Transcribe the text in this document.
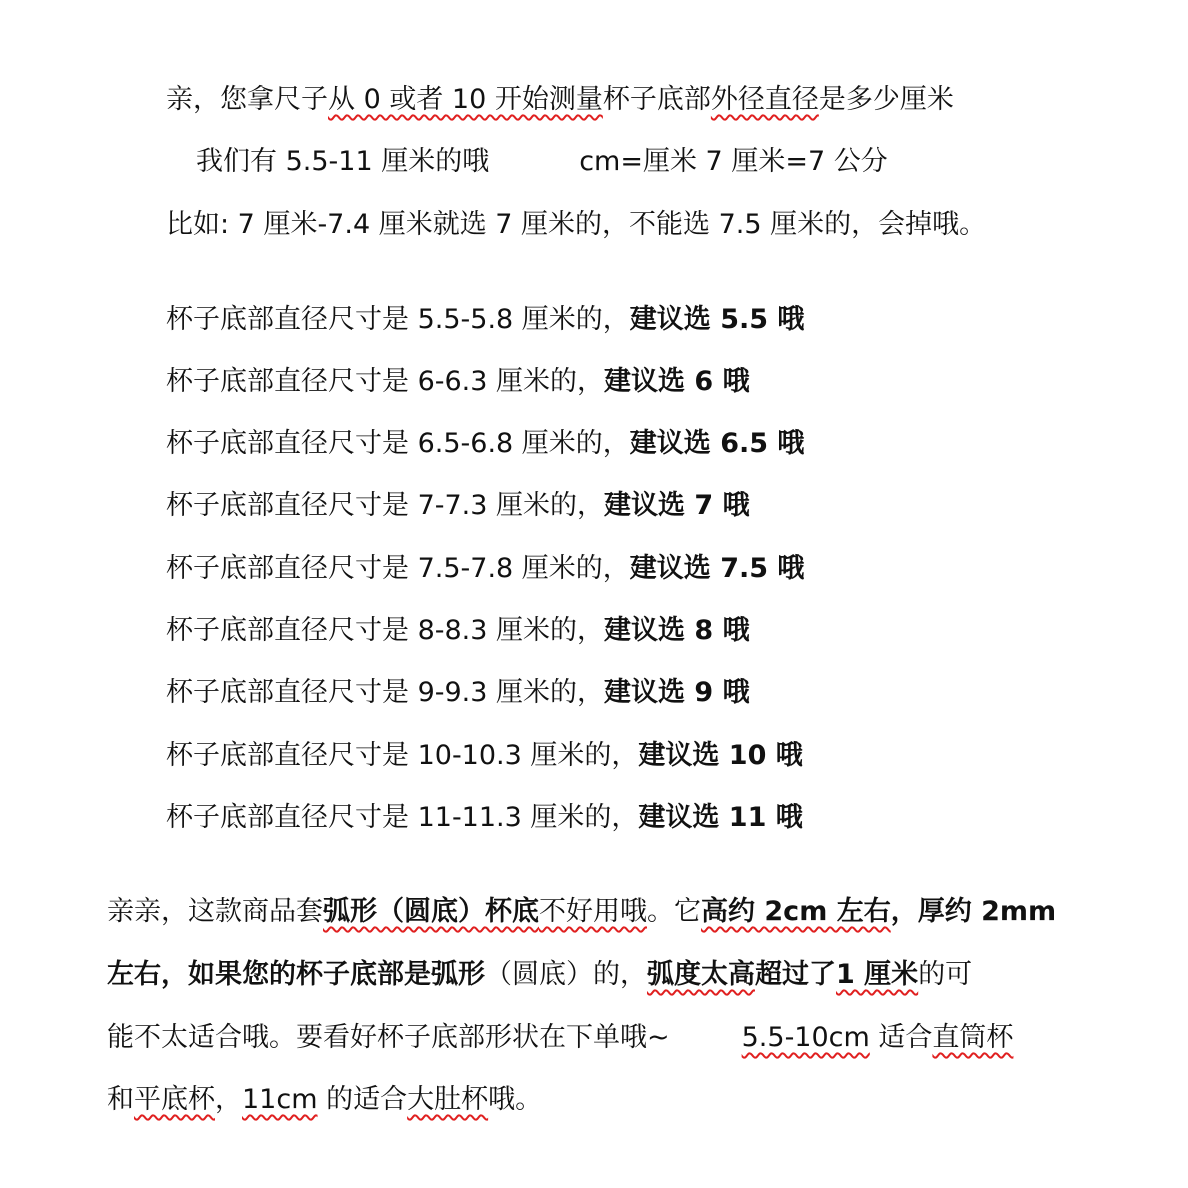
亲，您拿尺子从 0 或者 10 开始测量杯子底部外径直径是多少厘米
我们有 5.5-11 厘米的哦	cm=厘米 7 厘米=7 公分
比如: 7 厘米-7.4 厘米就选 7 厘米的，不能选 7.5 厘米的，会掉哦。
杯子底部直径尺寸是 5.5-5.8 厘米的，建议选 5.5 哦
杯子底部直径尺寸是 6-6.3 厘米的，建议选 6 哦
杯子底部直径尺寸是 6.5-6.8 厘米的，建议选 6.5 哦
杯子底部直径尺寸是 7-7.3 厘米的，建议选 7 哦
杯子底部直径尺寸是 7.5-7.8 厘米的，建议选 7.5 哦
杯子底部直径尺寸是 8-8.3 厘米的，建议选 8 哦
杯子底部直径尺寸是 9-9.3 厘米的，建议选 9 哦
杯子底部直径尺寸是 10-10.3 厘米的，建议选 10 哦
杯子底部直径尺寸是 11-11.3 厘米的，建议选 11 哦
亲亲，这款商品套弧形（圆底）杯底不好用哦。它高约 2cm 左右，厚约 2mm
左右，如果您的杯子底部是弧形（圆底）的，弧度太高超过了1 厘米的可
能不太适合哦。要看好杯子底部形状在下单哦~	5.5-10cm 适合直筒杯
和平底杯，11cm 的适合大肚杯哦。
